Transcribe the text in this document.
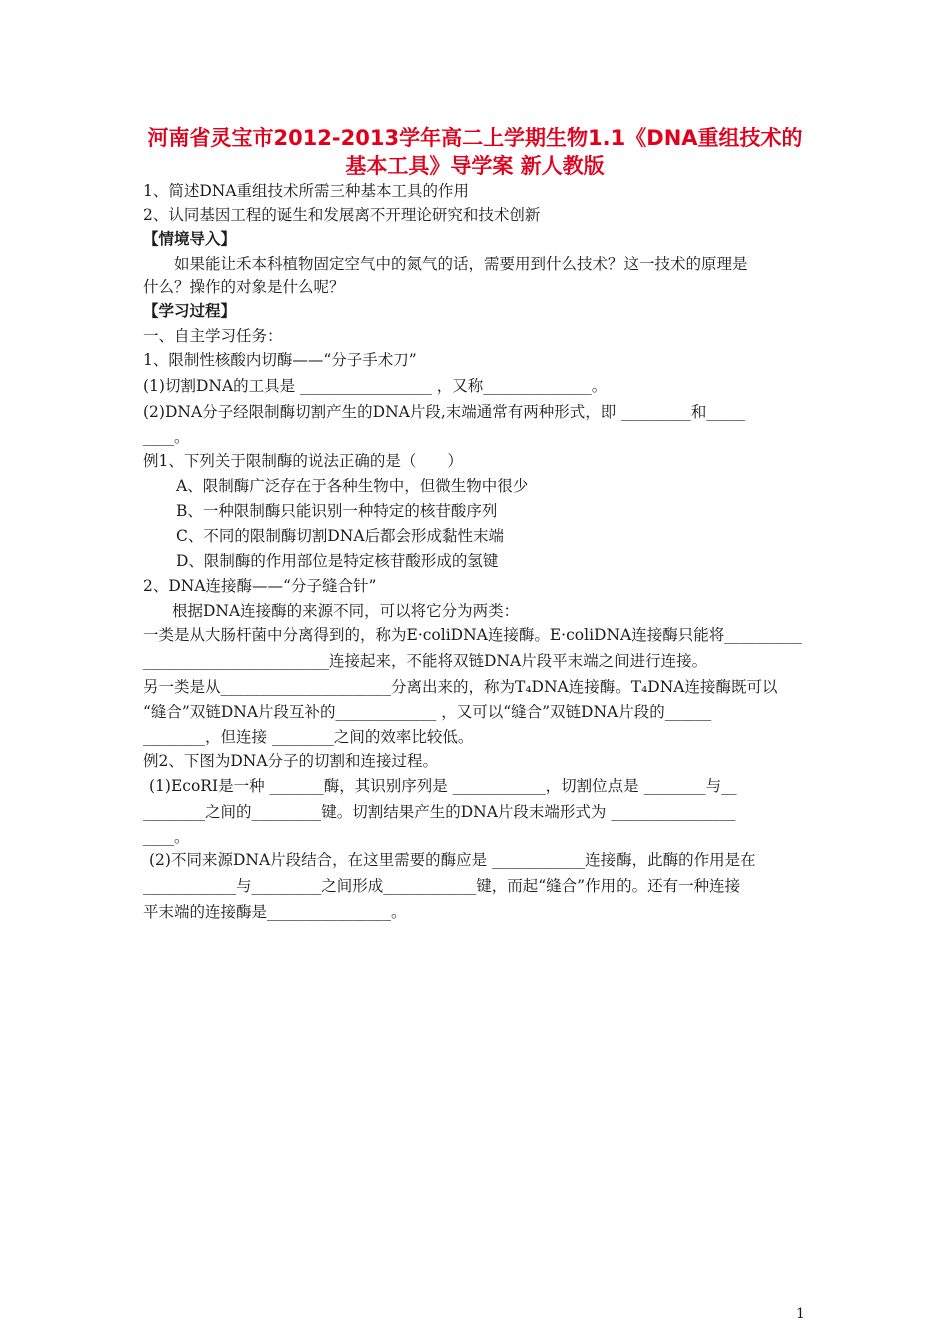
河南省灵宝市2012-2013学年高二上学期生物1.1《DNA重组技术的
基本工具》导学案 新人教版
1、简述DNA重组技术所需三种基本工具的作用
2、认同基因工程的诞生和发展离不开理论研究和技术创新
【情境导入】
如果能让禾本科植物固定空气中的氮气的话，需要用到什么技术？这一技术的原理是
什么？操作的对象是什么呢？
【学习过程】
一、自主学习任务：
1、限制性核酸内切酶——“分子手术刀”
(1)切割DNA的工具是 _________________ ，又称______________。
(2)DNA分子经限制酶切割产生的DNA片段,末端通常有两种形式，即 _________和_____
____。
例1、下列关于限制酶的说法正确的是（　　）
A、限制酶广泛存在于各种生物中，但微生物中很少
B、一种限制酶只能识别一种特定的核苷酸序列
C、不同的限制酶切割DNA后都会形成黏性末端
D、限制酶的作用部位是特定核苷酸形成的氢键
2、DNA连接酶——“分子缝合针”
根据DNA连接酶的来源不同，可以将它分为两类：
一类是从大肠杆菌中分离得到的，称为E·coliDNA连接酶。E·coliDNA连接酶只能将__________
________________________连接起来，不能将双链DNA片段平末端之间进行连接。
另一类是从______________________分离出来的，称为T₄DNA连接酶。T₄DNA连接酶既可以
“缝合”双链DNA片段互补的_____________ ，又可以“缝合”双链DNA片段的______
________，但连接 ________之间的效率比较低。
例2、下图为DNA分子的切割和连接过程。
(1)EcoRI是一种 _______酶，其识别序列是 ____________，切割位点是 ________与__
________之间的_________键。切割结果产生的DNA片段末端形式为 ________________
____。
(2)不同来源DNA片段结合，在这里需要的酶应是 ____________连接酶，此酶的作用是在
____________与_________之间形成____________键，而起“缝合”作用的。还有一种连接
平末端的连接酶是________________。
1
